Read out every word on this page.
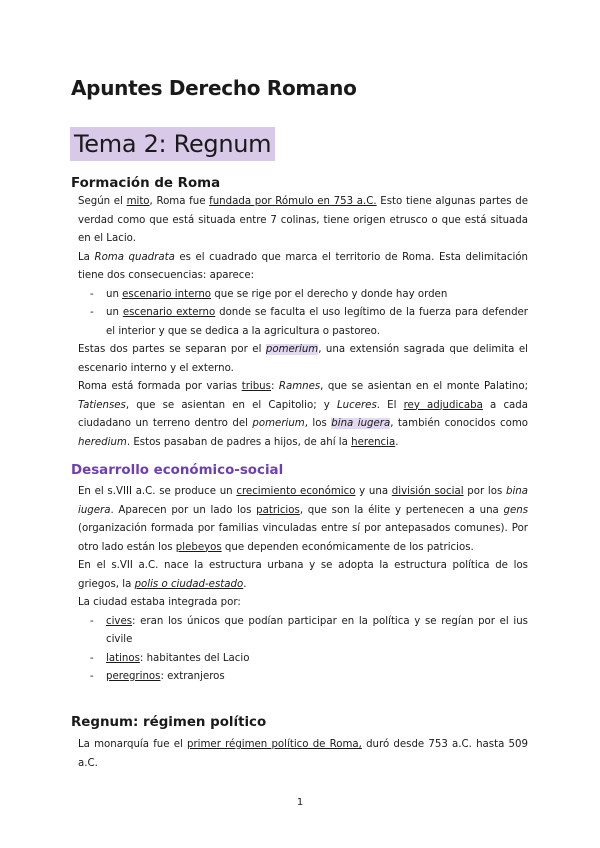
Apuntes Derecho Romano
Tema 2: Regnum
Formación de Roma

Según el mito, Roma fue fundada por Rómulo en 753 a.C. Esto tiene algunas partes de verdad como que está situada entre 7 colinas, tiene origen etrusco o que está situada en el Lacio.

La Roma quadrata es el cuadrado que marca el territorio de Roma. Esta delimitación tiene dos consecuencias: aparece:

- un escenario interno que se rige por el derecho y donde hay orden
- un escenario externo donde se faculta el uso legítimo de la fuerza para defender el interior y que se dedica a la agricultura o pastoreo.

Estas dos partes se separan por el pomerium, una extensión sagrada que delimita el escenario interno y el externo.

Roma está formada por varias tribus: Ramnes, que se asientan en el monte Palatino; Tatienses, que se asientan en el Capitolio; y Luceres. El rey adjudicaba a cada ciudadano un terreno dentro del pomerium, los bina iugera, también conocidos como heredium. Estos pasaban de padres a hijos, de ahí la herencia.

Desarrollo económico-social

En el s.VIII a.C. se produce un crecimiento económico y una división social por los bina iugera. Aparecen por un lado los patricios, que son la élite y pertenecen a una gens (organización formada por familias vinculadas entre sí por antepasados comunes). Por otro lado están los plebeyos que dependen económicamente de los patricios.

En el s.VII a.C. nace la estructura urbana y se adopta la estructura política de los griegos, la polis o ciudad-estado.

La ciudad estaba integrada por:

- cives: eran los únicos que podían participar en la política y se regían por el ius civile
- latinos: habitantes del Lacio
- peregrinos: extranjeros
Regnum: régimen político

La monarquía fue el primer régimen político de Roma, duró desde 753 a.C. hasta 509 a.C.

1
